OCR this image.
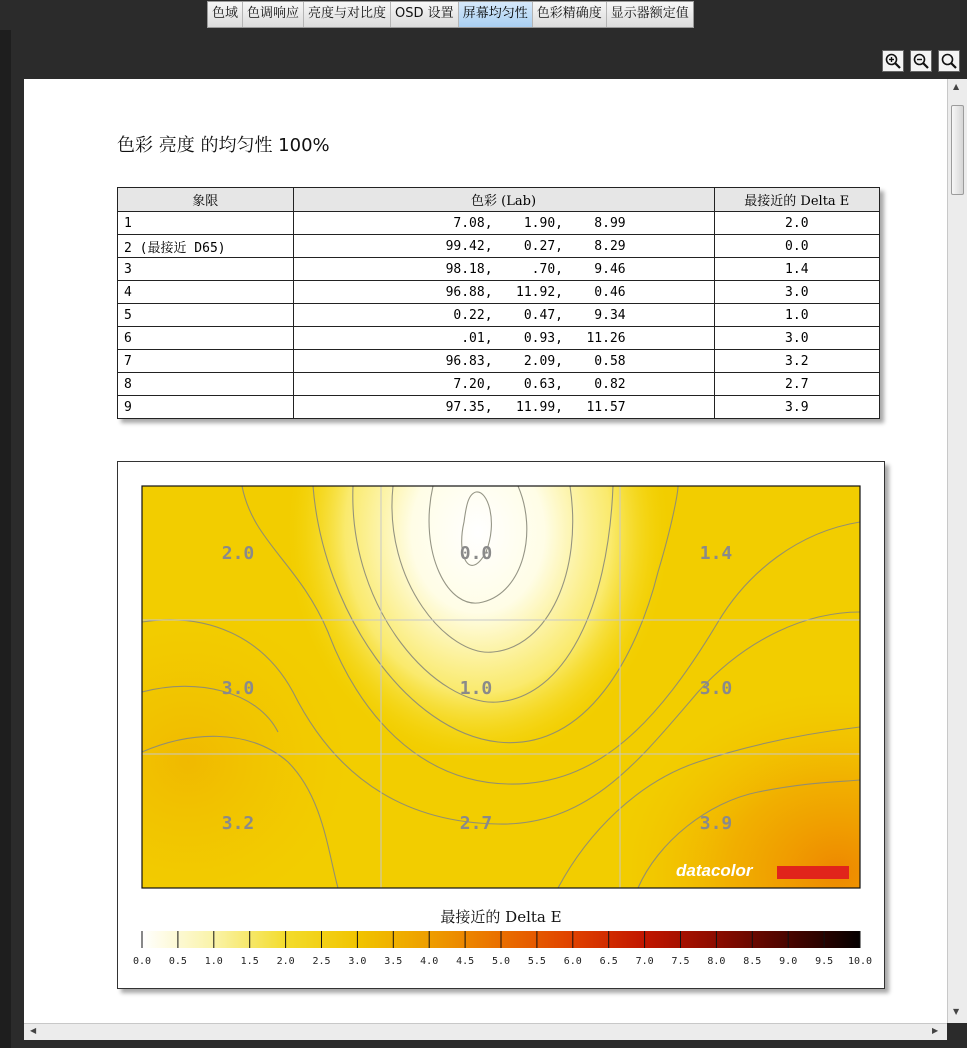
色域 色调响应 亮度与对比度 OSD 设置 屏幕均匀性 色彩精确度 显示器额定值
色彩 亮度 的均匀性 100%
象限	色彩 (Lab)	最接近的 Delta E
1	7.08,    1.90,    8.99	2.0
2 (最接近 D65)	99.42,    0.27,    8.29	0.0
3	98.18,     .70,    9.46	1.4
4	96.88,   11.92,    0.46	3.0
5	0.22,    0.47,    9.34	1.0
6	.01,    0.93,   11.26	3.0
7	96.83,    2.09,    0.58	3.2
8	7.20,    0.63,    0.82	2.7
9	97.35,   11.99,   11.57	3.9
2.0	0.0	1.4
3.0	1.0	3.0
3.2	2.7	3.9
datacolor
最接近的 Delta E
0.0 0.5 1.0 1.5 2.0 2.5 3.0 3.5 4.0 4.5 5.0 5.5 6.0 6.5 7.0 7.5 8.0 8.5 9.0 9.5 10.0
▲
▼
◀	▶
